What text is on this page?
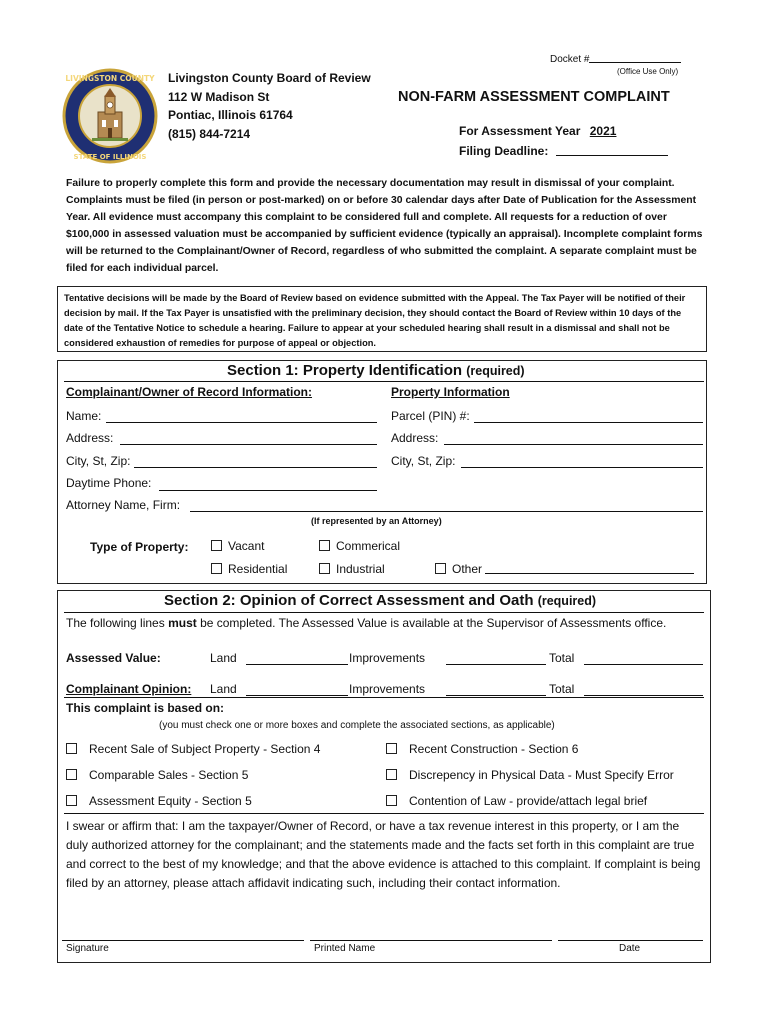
Docket #
(Office Use Only)
LIVINGSTON COUNTY
STATE OF ILLINOIS
Livingston County Board of Review
112 W Madison St
Pontiac, Illinois 61764
(815) 844-7214
NON-FARM ASSESSMENT COMPLAINT
For Assessment Year 2021
Filing Deadline:
Failure to properly complete this form and provide the necessary documentation may result in dismissal of your complaint. Complaints must be filed (in person or post-marked) on or before 30 calendar days after Date of Publication for the Assessment Year. All evidence must accompany this complaint to be considered full and complete. All requests for a reduction of over $100,000 in assessed valuation must be accompanied by sufficient evidence (typically an appraisal). Incomplete complaint forms will be returned to the Complainant/Owner of Record, regardless of who submitted the complaint. A separate complaint must be filed for each individual parcel.
Tentative decisions will be made by the Board of Review based on evidence submitted with the Appeal. The Tax Payer will be notified of their decision by mail. If the Tax Payer is unsatisfied with the preliminary decision, they should contact the Board of Review within 10 days of the date of the Tentative Notice to schedule a hearing. Failure to appear at your scheduled hearing shall result in a dismissal and shall not be considered exhaustion of remedies for purpose of appeal or objection.
Section 1: Property Identification (required)
Complainant/Owner of Record Information:	Property Information
Name:	Parcel (PIN) #:
Address:	Address:
City, St, Zip:	City, St, Zip:
Daytime Phone:
Attorney Name, Firm:
(If represented by an Attorney)
Type of Property:	Vacant	Commerical
Residential	Industrial	Other
Section 2: Opinion of Correct Assessment and Oath (required)
The following lines must be completed. The Assessed Value is available at the Supervisor of Assessments office.
Assessed Value:	Land	Improvements	Total
Complainant Opinion: Land	Improvements	Total
This complaint is based on:
(you must check one or more boxes and complete the associated sections, as applicable)
Recent Sale of Subject Property - Section 4	Recent Construction - Section 6
Comparable Sales - Section 5	Discrepency in Physical Data - Must Specify Error
Assessment Equity - Section 5	Contention of Law - provide/attach legal brief
I swear or affirm that: I am the taxpayer/Owner of Record, or have a tax revenue interest in this property, or I am the duly authorized attorney for the complainant; and the statements made and the facts set forth in this complaint are true and correct to the best of my knowledge; and that the above evidence is attached to this complaint. If complaint is being filed by an attorney, please attach affidavit indicating such, including their contact information.
Signature	Printed Name	Date
